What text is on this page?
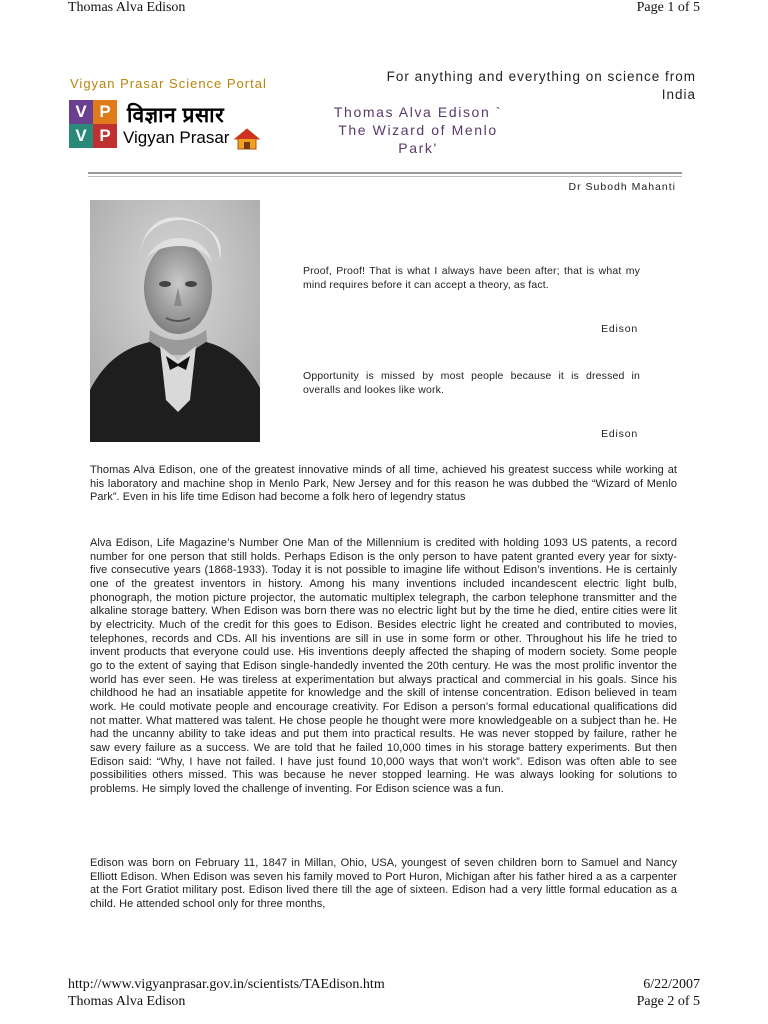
Thomas Alva Edison	Page 1 of 5
Vigyan Prasar Science Portal	For anything and everything on science from India
V P
V P
विज्ञान प्रसार
Vigyan Prasar
Thomas Alva Edison ` The Wizard of Menlo Park'
Dr Subodh Mahanti
Proof, Proof! That is what I always have been after; that is what my mind requires before it can accept a theory, as fact.
Edison
Opportunity is missed by most people because it is dressed in overalls and lookes like work.
Edison
Thomas Alva Edison, one of the greatest innovative minds of all time, achieved his greatest success while working at his laboratory and machine shop in Menlo Park, New Jersey and for this reason he was dubbed the “Wizard of Menlo Park”. Even in his life time Edison had become a folk hero of legendry status
Alva Edison, Life Magazine’s Number One Man of the Millennium is credited with holding 1093 US patents, a record number for one person that still holds. Perhaps Edison is the only person to have patent granted every year for sixty-five consecutive years (1868-1933). Today it is not possible to imagine life without Edison’s inventions. He is certainly one of the greatest inventors in history. Among his many inventions included incandescent electric light bulb, phonograph, the motion picture projector, the automatic multiplex telegraph, the carbon telephone transmitter and the alkaline storage battery. When Edison was born there was no electric light but by the time he died, entire cities were lit by electricity. Much of the credit for this goes to Edison. Besides electric light he created and contributed to movies, telephones, records and CDs. All his inventions are sill in use in some form or other. Throughout his life he tried to invent products that everyone could use. His inventions deeply affected the shaping of modern society. Some people go to the extent of saying that Edison single-handedly invented the 20th century. He was the most prolific inventor the world has ever seen. He was tireless at experimentation but always practical and commercial in his goals. Since his childhood he had an insatiable appetite for knowledge and the skill of intense concentration. Edison believed in team work. He could motivate people and encourage creativity. For Edison a person’s formal educational qualifications did not matter. What mattered was talent. He chose people he thought were more knowledgeable on a subject than he. He had the uncanny ability to take ideas and put them into practical results. He was never stopped by failure, rather he saw every failure as a success. We are told that he failed 10,000 times in his storage battery experiments. But then Edison said: “Why, I have not failed. I have just found 10,000 ways that won’t work”. Edison was often able to see possibilities others missed. This was because he never stopped learning. He was always looking for solutions to problems. He simply loved the challenge of inventing. For Edison science was a fun.
Edison was born on February 11, 1847 in Millan, Ohio, USA, youngest of seven children born to Samuel and Nancy Elliott Edison. When Edison was seven his family moved to Port Huron, Michigan after his father hired a as a carpenter at the Fort Gratiot military post. Edison lived there till the age of sixteen. Edison had a very little formal education as a child. He attended school only for three months,
http://www.vigyanprasar.gov.in/scientists/TAEdison.htm	6/22/2007
Thomas Alva Edison	Page 2 of 5
